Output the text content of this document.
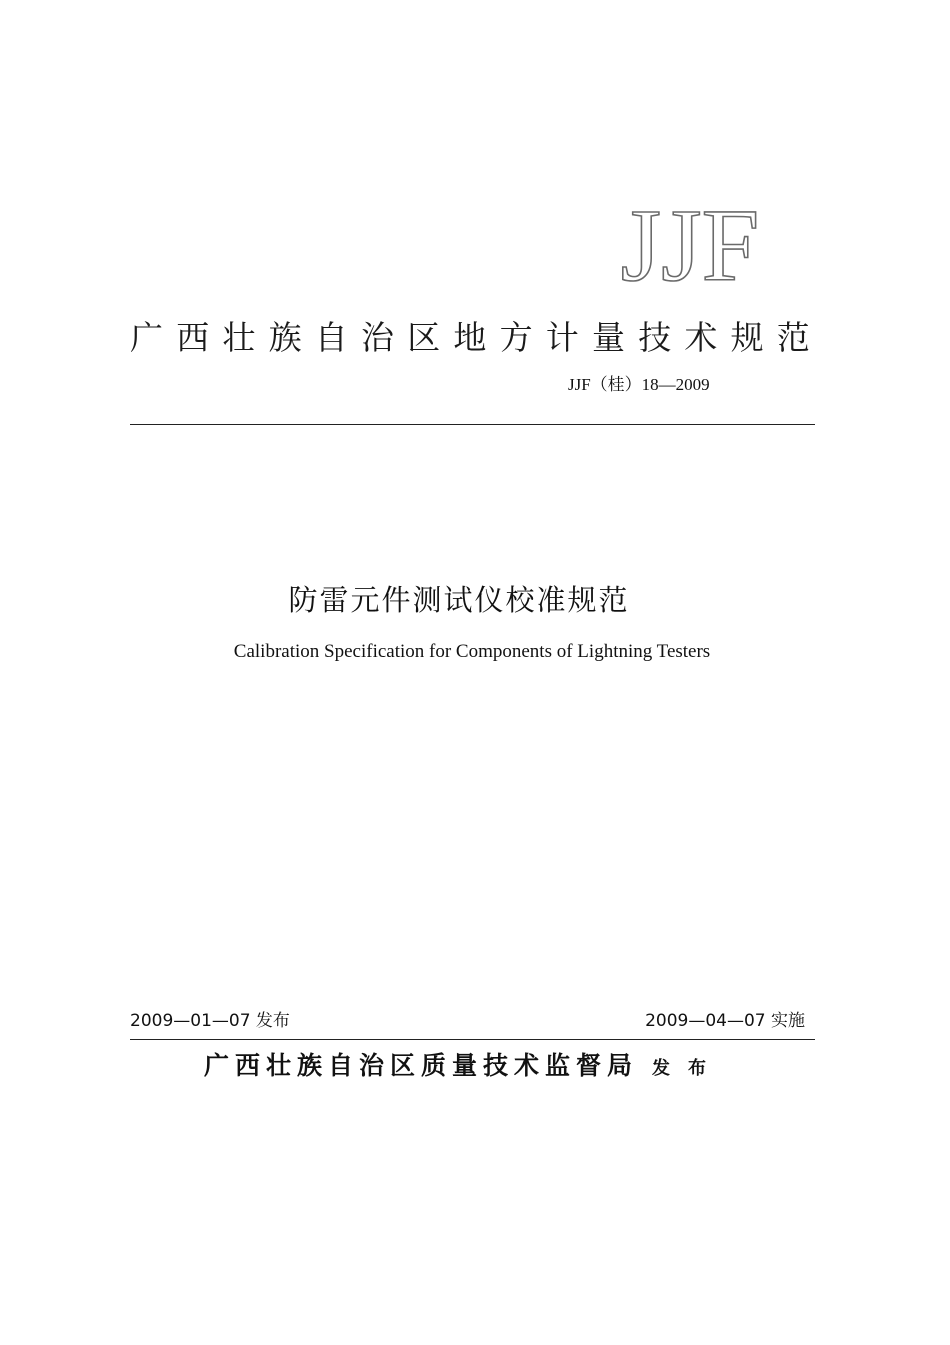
JJF
广西壮族自治区地方计量技术规范
JJF（桂）18—2009
防雷元件测试仪校准规范
Calibration Specification for Components of Lightning Testers
2009—01—07 发布	2009—04—07 实施
广西壮族自治区质量技术监督局 发布
